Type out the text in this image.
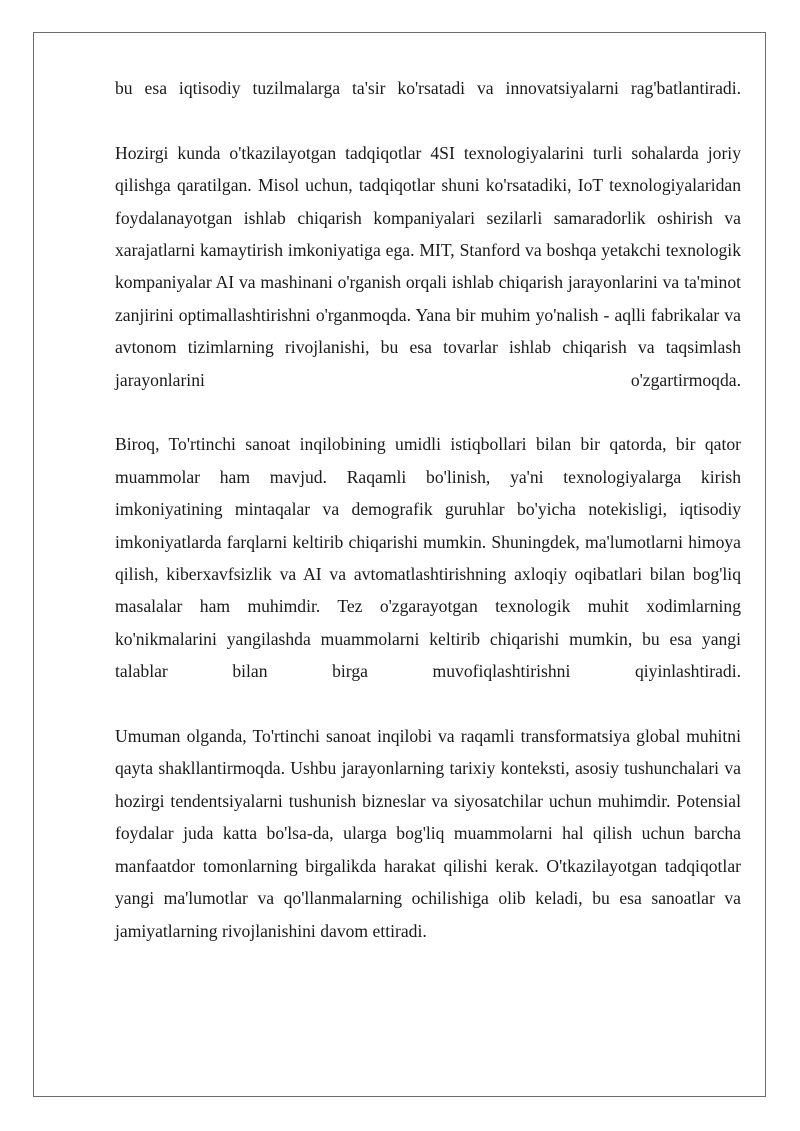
bu esa iqtisodiy tuzilmalarga ta'sir ko'rsatadi va innovatsiyalarni rag'batlantiradi.

Hozirgi kunda o'tkazilayotgan tadqiqotlar 4SI texnologiyalarini turli sohalarda joriy qilishga qaratilgan. Misol uchun, tadqiqotlar shuni ko'rsatadiki, IoT texnologiyalaridan foydalanayotgan ishlab chiqarish kompaniyalari sezilarli samaradorlik oshirish va xarajatlarni kamaytirish imkoniyatiga ega. MIT, Stanford va boshqa yetakchi texnologik kompaniyalar AI va mashinani o'rganish orqali ishlab chiqarish jarayonlarini va ta'minot zanjirini optimallashtirishni o'rganmoqda. Yana bir muhim yo'nalish - aqlli fabrikalar va avtonom tizimlarning rivojlanishi, bu esa tovarlar ishlab chiqarish va taqsimlash jarayonlarini o'zgartirmoqda.

Biroq, To'rtinchi sanoat inqilobining umidli istiqbollari bilan bir qatorda, bir qator muammolar ham mavjud. Raqamli bo'linish, ya'ni texnologiyalarga kirish imkoniyatining mintaqalar va demografik guruhlar bo'yicha notekisligi, iqtisodiy imkoniyatlarda farqlarni keltirib chiqarishi mumkin. Shuningdek, ma'lumotlarni himoya qilish, kiberxavfsizlik va AI va avtomatlashtirishning axloqiy oqibatlari bilan bog'liq masalalar ham muhimdir. Tez o'zgarayotgan texnologik muhit xodimlarning ko'nikmalarini yangilashda muammolarni keltirib chiqarishi mumkin, bu esa yangi talablar bilan birga muvofiqlashtirishni qiyinlashtiradi.

Umuman olganda, To'rtinchi sanoat inqilobi va raqamli transformatsiya global muhitni qayta shakllantirmoqda. Ushbu jarayonlarning tarixiy konteksti, asosiy tushunchalari va hozirgi tendentsiyalarni tushunish bizneslar va siyosatchilar uchun muhimdir. Potensial foydalar juda katta bo'lsa-da, ularga bog'liq muammolarni hal qilish uchun barcha manfaatdor tomonlarning birgalikda harakat qilishi kerak. O'tkazilayotgan tadqiqotlar yangi ma'lumotlar va qo'llanmalarning ochilishiga olib keladi, bu esa sanoatlar va jamiyatlarning rivojlanishini davom ettiradi.
